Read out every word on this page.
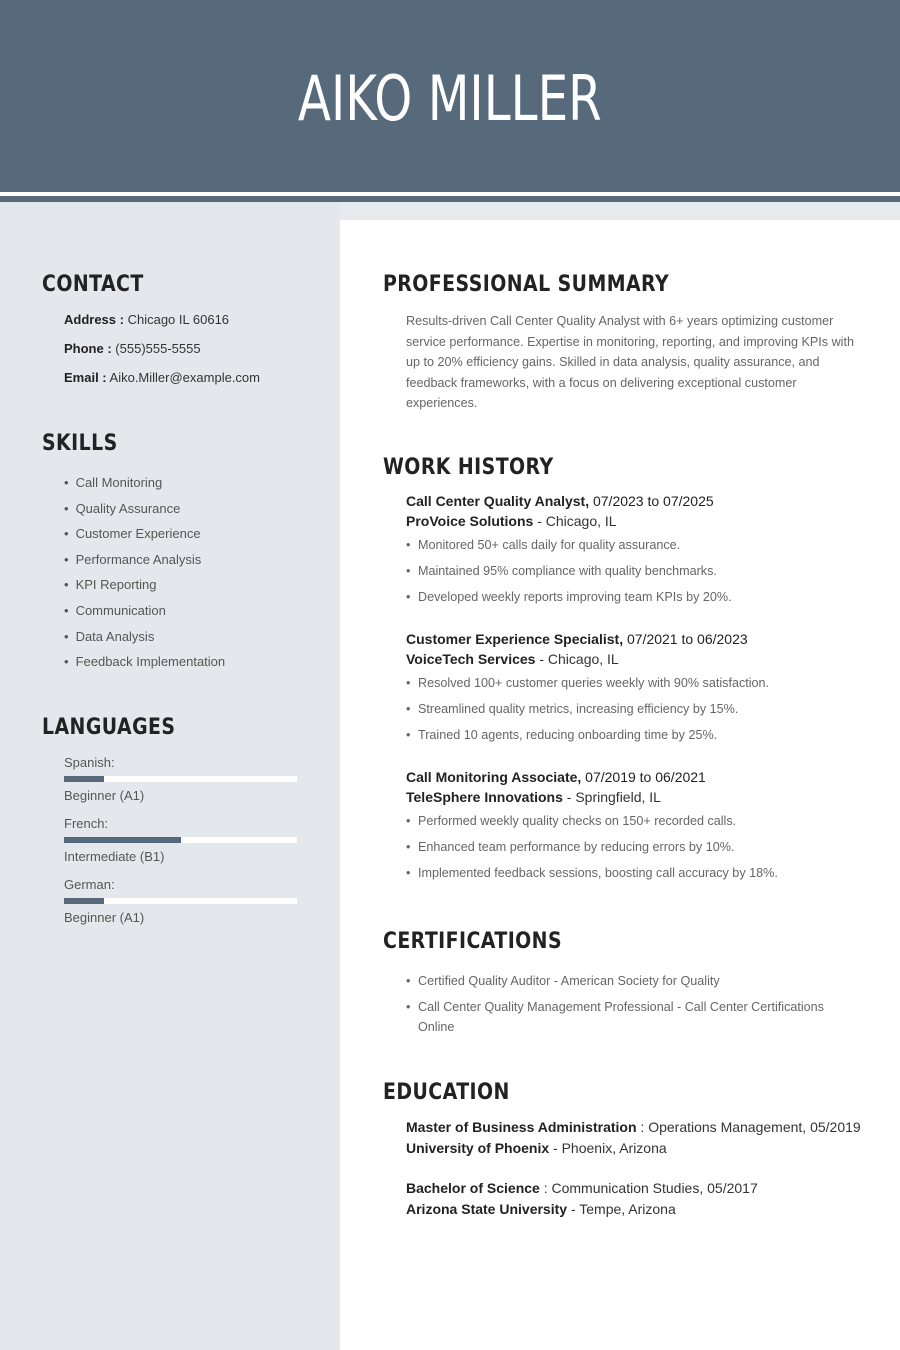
AIKO MILLER
CONTACT
Address : Chicago IL 60616
Phone : (555)555-5555
Email : Aiko.Miller@example.com
SKILLS
• Call Monitoring
• Quality Assurance
• Customer Experience
• Performance Analysis
• KPI Reporting
• Communication
• Data Analysis
• Feedback Implementation
LANGUAGES
Spanish:
Beginner (A1)
French:
Intermediate (B1)
German:
Beginner (A1)
PROFESSIONAL SUMMARY
Results-driven Call Center Quality Analyst with 6+ years optimizing customer service performance. Expertise in monitoring, reporting, and improving KPIs with up to 20% efficiency gains. Skilled in data analysis, quality assurance, and feedback frameworks, with a focus on delivering exceptional customer experiences.
WORK HISTORY
Call Center Quality Analyst, 07/2023 to 07/2025
ProVoice Solutions - Chicago, IL
• Monitored 50+ calls daily for quality assurance.
• Maintained 95% compliance with quality benchmarks.
• Developed weekly reports improving team KPIs by 20%.
Customer Experience Specialist, 07/2021 to 06/2023
VoiceTech Services - Chicago, IL
• Resolved 100+ customer queries weekly with 90% satisfaction.
• Streamlined quality metrics, increasing efficiency by 15%.
• Trained 10 agents, reducing onboarding time by 25%.
Call Monitoring Associate, 07/2019 to 06/2021
TeleSphere Innovations - Springfield, IL
• Performed weekly quality checks on 150+ recorded calls.
• Enhanced team performance by reducing errors by 10%.
• Implemented feedback sessions, boosting call accuracy by 18%.
CERTIFICATIONS
• Certified Quality Auditor - American Society for Quality
• Call Center Quality Management Professional - Call Center Certifications Online
EDUCATION
Master of Business Administration : Operations Management, 05/2019
University of Phoenix - Phoenix, Arizona
Bachelor of Science : Communication Studies, 05/2017
Arizona State University - Tempe, Arizona
